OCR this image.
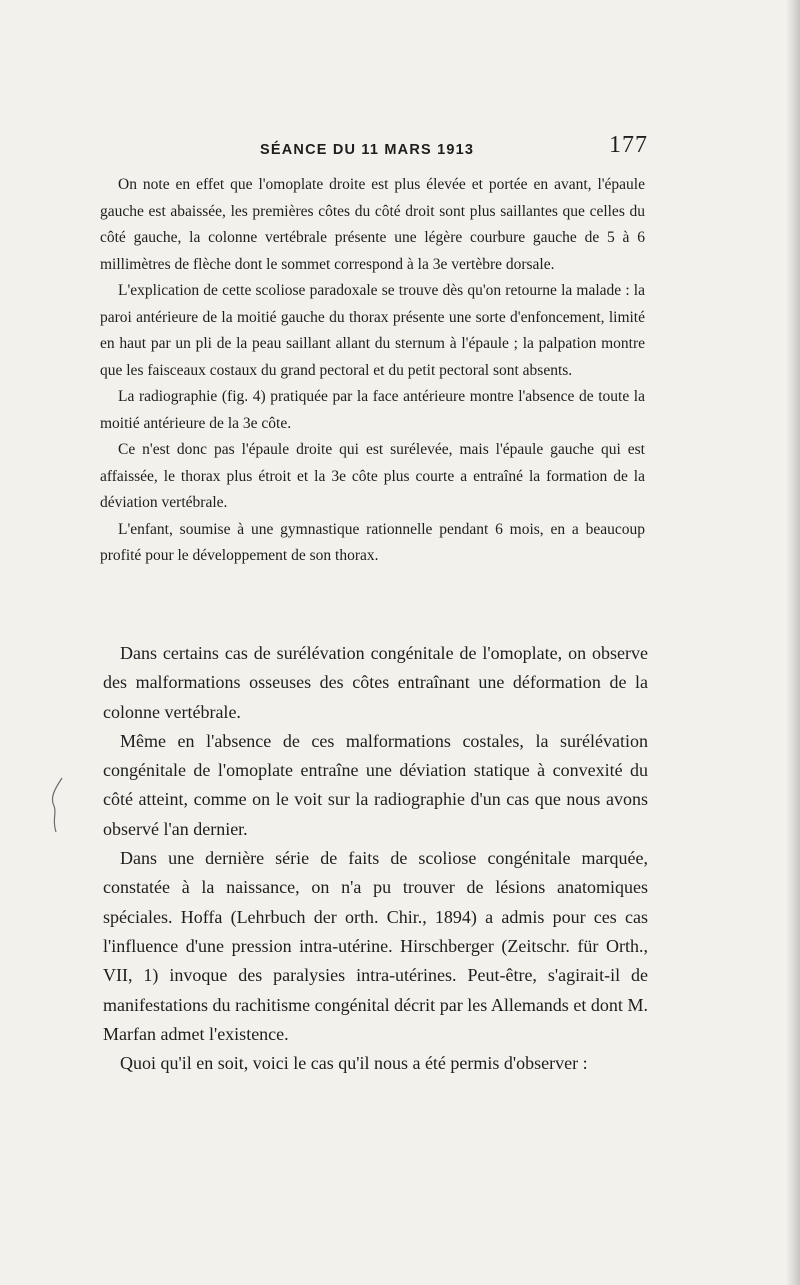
SÉANCE DU 11 MARS 1913	177

On note en effet que l'omoplate droite est plus élevée et portée en avant, l'épaule gauche est abaissée, les premières côtes du côté droit sont plus saillantes que celles du côté gauche, la colonne vertébrale présente une légère courbure gauche de 5 à 6 millimètres de flèche dont le sommet correspond à la 3e vertèbre dorsale.

L'explication de cette scoliose paradoxale se trouve dès qu'on retourne la malade : la paroi antérieure de la moitié gauche du thorax présente une sorte d'enfoncement, limité en haut par un pli de la peau saillant allant du sternum à l'épaule ; la palpation montre que les faisceaux costaux du grand pectoral et du petit pectoral sont absents.

La radiographie (fig. 4) pratiquée par la face antérieure montre l'absence de toute la moitié antérieure de la 3e côte.

Ce n'est donc pas l'épaule droite qui est surélevée, mais l'épaule gauche qui est affaissée, le thorax plus étroit et la 3e côte plus courte a entraîné la formation de la déviation vertébrale.

L'enfant, soumise à une gymnastique rationnelle pendant 6 mois, en a beaucoup profité pour le développement de son thorax.

Dans certains cas de surélévation congénitale de l'omoplate, on observe des malformations osseuses des côtes entraînant une déformation de la colonne vertébrale.

Même en l'absence de ces malformations costales, la surélévation congénitale de l'omoplate entraîne une déviation statique à convexité du côté atteint, comme on le voit sur la radiographie d'un cas que nous avons observé l'an dernier.

Dans une dernière série de faits de scoliose congénitale marquée, constatée à la naissance, on n'a pu trouver de lésions anatomiques spéciales. Hoffa (Lehrbuch der orth. Chir., 1894) a admis pour ces cas l'influence d'une pression intra-utérine. Hirschberger (Zeitschr. für Orth., VII, 1) invoque des paralysies intra-utérines. Peut-être, s'agirait-il de manifestations du rachitisme congénital décrit par les Allemands et dont M. Marfan admet l'existence.

Quoi qu'il en soit, voici le cas qu'il nous a été permis d'observer :
